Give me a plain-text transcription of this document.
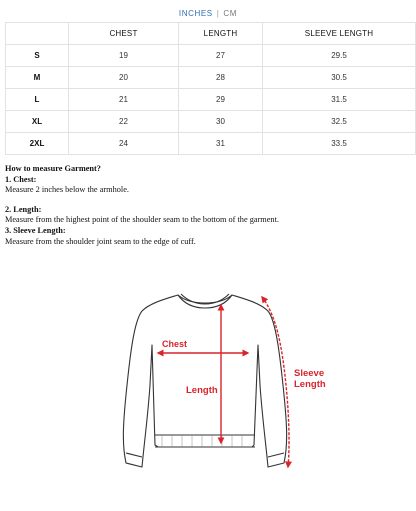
INCHES | CM
	CHEST	LENGTH	SLEEVE LENGTH
S	19	27	29.5
M	20	28	30.5
L	21	29	31.5
XL	22	30	32.5
2XL	24	31	33.5
How to measure Garment?
1. Chest:
Measure 2 inches below the armhole.
2. Length:
Measure from the highest point of the shoulder seam to the bottom of the garment.
3. Sleeve Length:
Measure from the shoulder joint seam to the edge of cuff.
Chest
Length
Sleeve
Length
